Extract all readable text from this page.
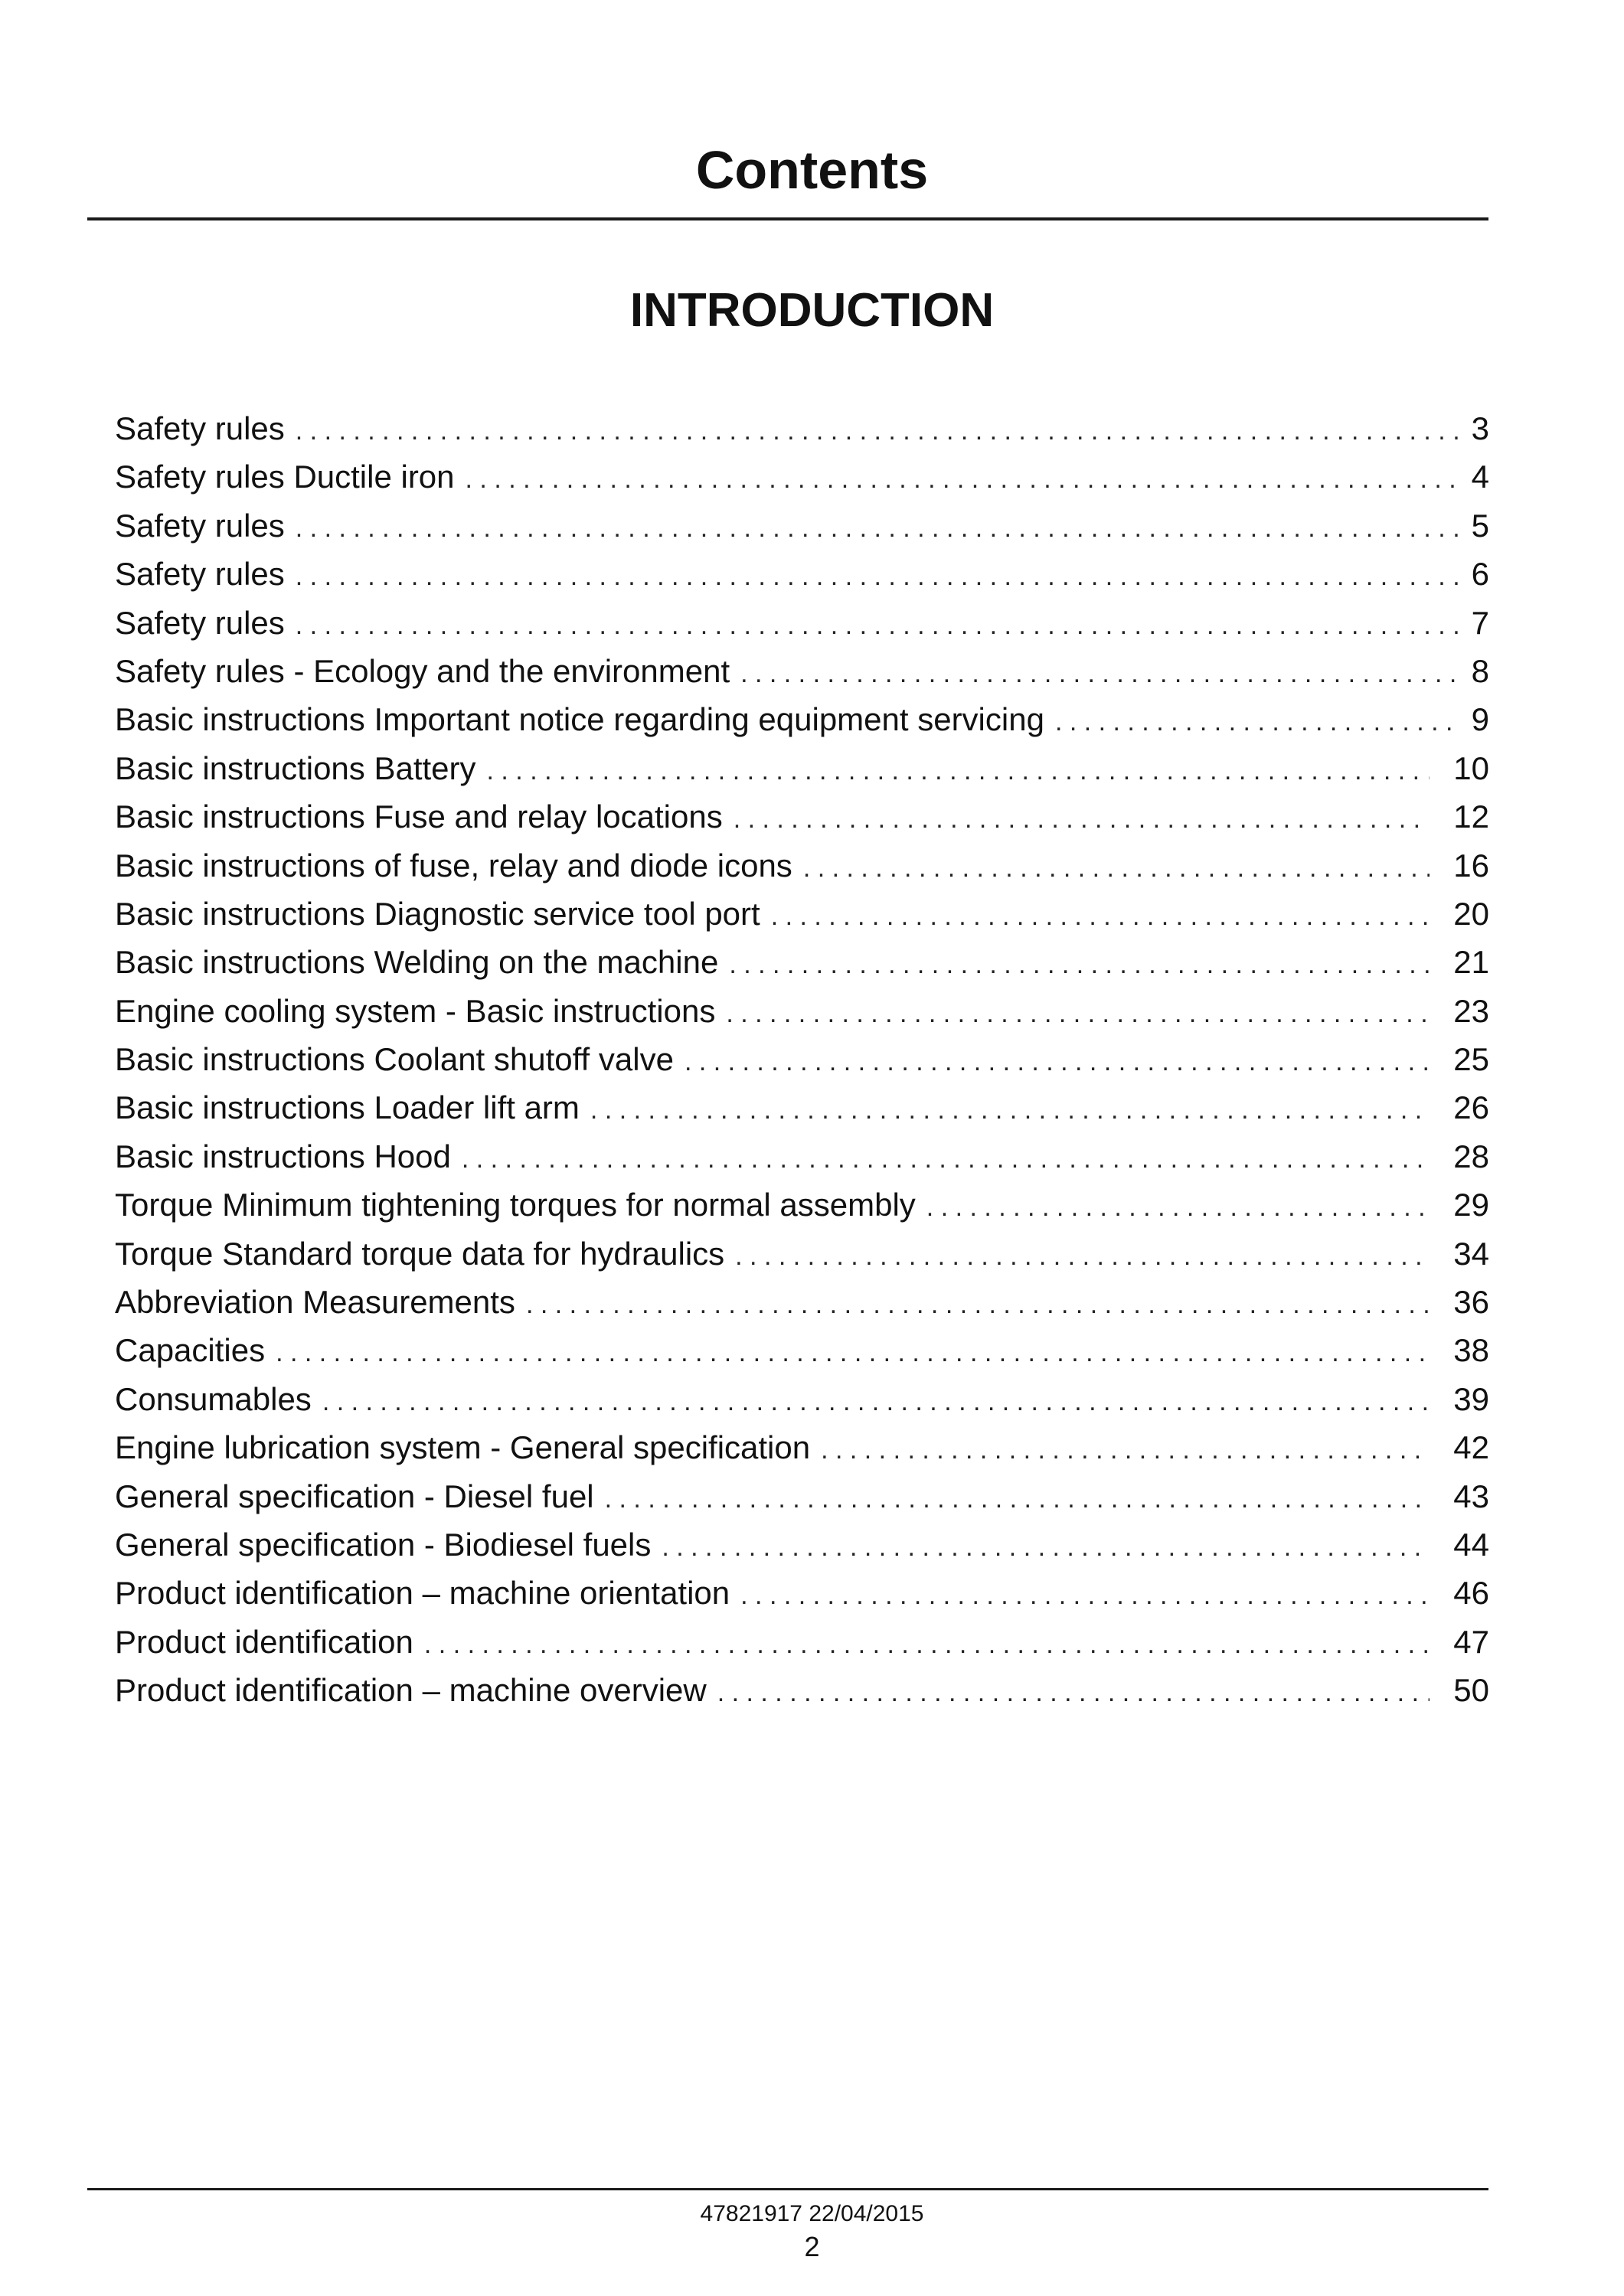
Contents
INTRODUCTION
Safety rules . . .	3
Safety rules Ductile iron . . .	4
Safety rules . . .	5
Safety rules . . .	6
Safety rules . . .	7
Safety rules - Ecology and the environment . . .	8
Basic instructions Important notice regarding equipment servicing . . .	9
Basic instructions Battery . . .	10
Basic instructions Fuse and relay locations . . .	12
Basic instructions of fuse, relay and diode icons . . .	16
Basic instructions Diagnostic service tool port . . .	20
Basic instructions Welding on the machine . . .	21
Engine cooling system - Basic instructions . . .	23
Basic instructions Coolant shutoff valve . . .	25
Basic instructions Loader lift arm . . .	26
Basic instructions Hood . . .	28
Torque Minimum tightening torques for normal assembly . . .	29
Torque Standard torque data for hydraulics . . .	34
Abbreviation Measurements . . .	36
Capacities . . .	38
Consumables . . .	39
Engine lubrication system - General specification . . .	42
General specification - Diesel fuel . . .	43
General specification - Biodiesel fuels . . .	44
Product identification – machine orientation . . .	46
Product identification . . .	47
Product identification – machine overview . . .	50
47821917 22/04/2015
2
